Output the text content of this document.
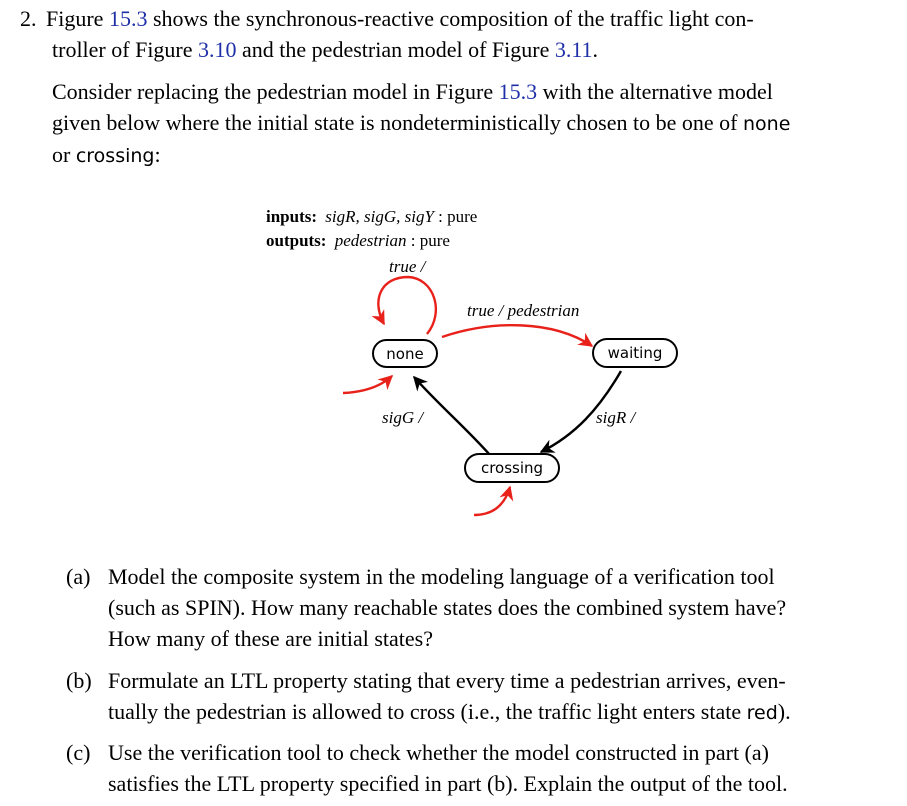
2. Figure 15.3 shows the synchronous-reactive composition of the traffic light con-
troller of Figure 3.10 and the pedestrian model of Figure 3.11.
Consider replacing the pedestrian model in Figure 15.3 with the alternative model
given below where the initial state is nondeterministically chosen to be one of none
or crossing:
inputs: sigR, sigG, sigY : pure
outputs: pedestrian : pure
true /
true / pedestrian
sigR /
sigG /
none	waiting
crossing
(a) Model the composite system in the modeling language of a verification tool
(such as SPIN). How many reachable states does the combined system have?
How many of these are initial states?
(b) Formulate an LTL property stating that every time a pedestrian arrives, even-
tually the pedestrian is allowed to cross (i.e., the traffic light enters state red).
(c) Use the verification tool to check whether the model constructed in part (a)
satisfies the LTL property specified in part (b). Explain the output of the tool.
